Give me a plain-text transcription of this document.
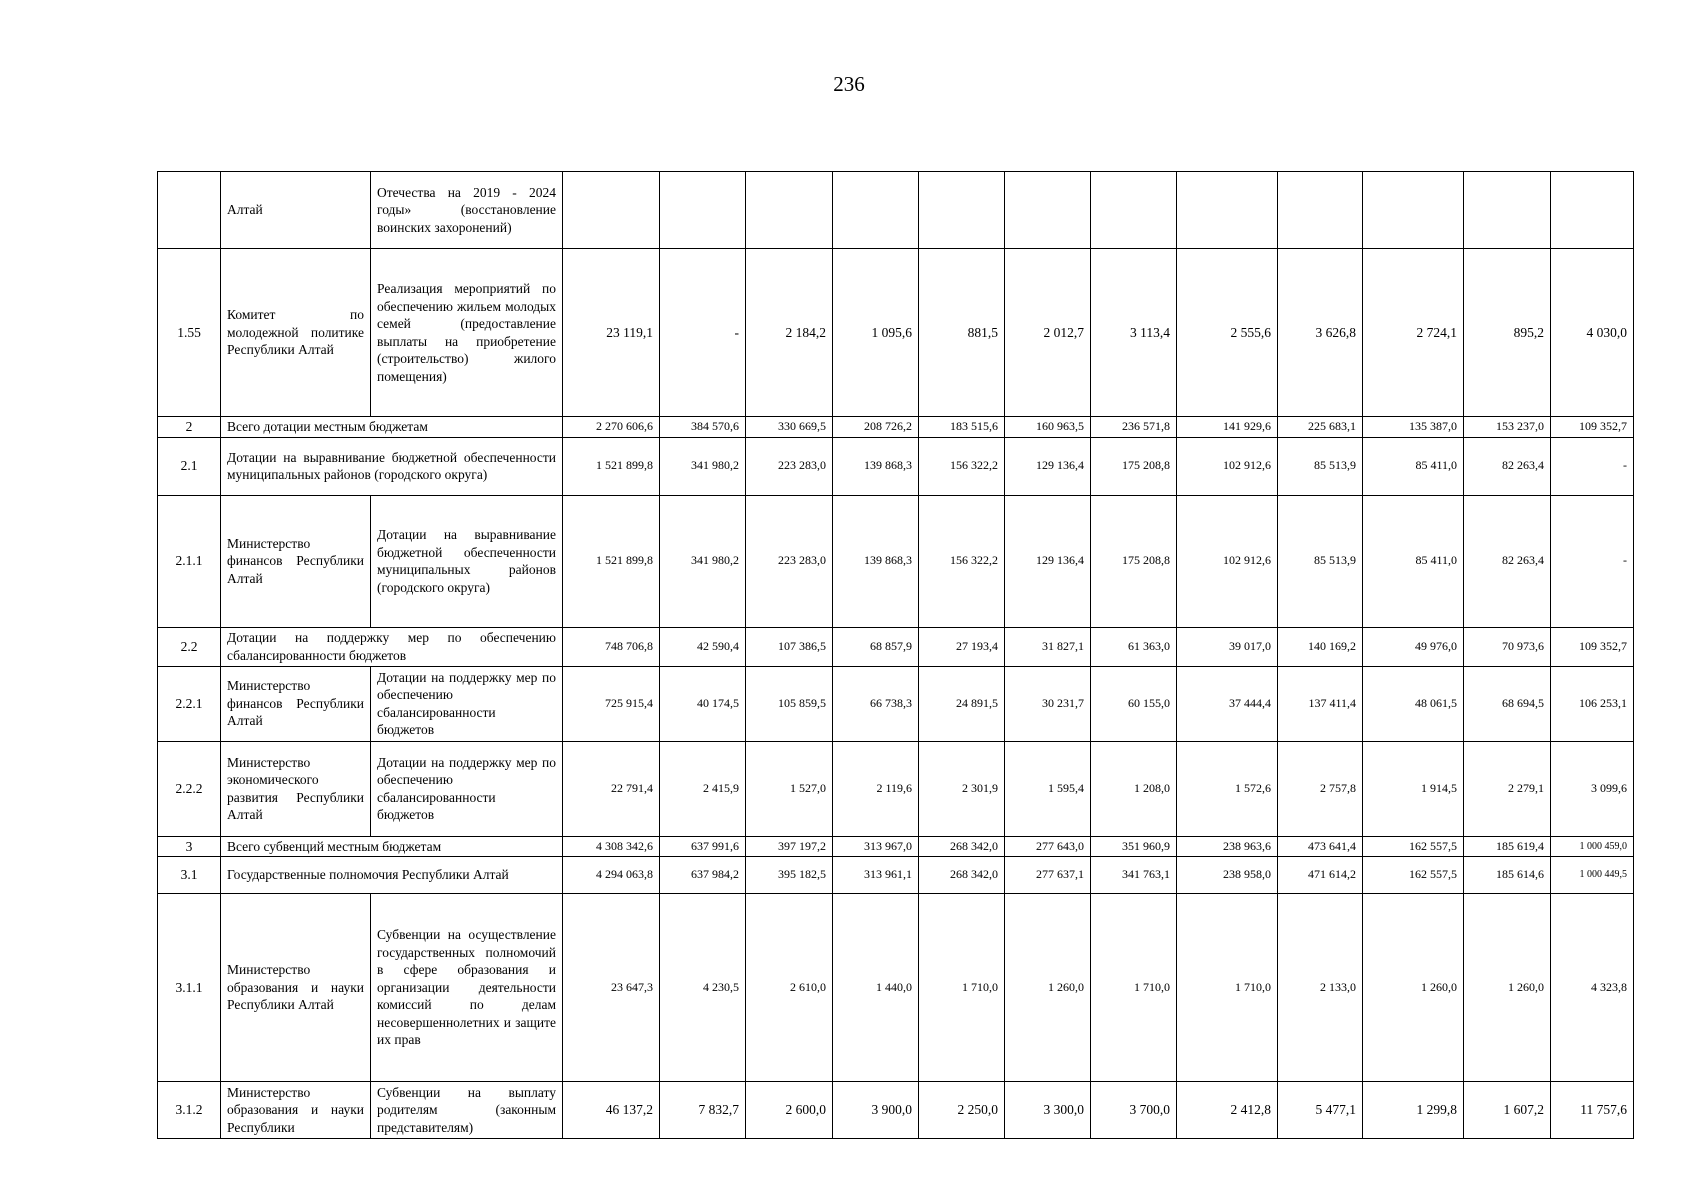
236
	Алтай	Отечества на 2019 - 2024 годы» (восстановление воинских захоронений)												
1.55	Комитет по молодежной политике Республики Алтай	Реализация мероприятий по обеспечению жильем молодых семей (предоставление выплаты на приобретение (строительство) жилого помещения)	23 119,1	-	2 184,2	1 095,6	881,5	2 012,7	3 113,4	2 555,6	3 626,8	2 724,1	895,2	4 030,0
2	Всего дотации местным бюджетам		2 270 606,6	384 570,6	330 669,5	208 726,2	183 515,6	160 963,5	236 571,8	141 929,6	225 683,1	135 387,0	153 237,0	109 352,7
2.1	Дотации на выравнивание бюджетной обеспеченности муниципальных районов (городского округа)		1 521 899,8	341 980,2	223 283,0	139 868,3	156 322,2	129 136,4	175 208,8	102 912,6	85 513,9	85 411,0	82 263,4	-
2.1.1	Министерство финансов Республики Алтай	Дотации на выравнивание бюджетной обеспеченности муниципальных районов (городского округа)	1 521 899,8	341 980,2	223 283,0	139 868,3	156 322,2	129 136,4	175 208,8	102 912,6	85 513,9	85 411,0	82 263,4	-
2.2	Дотации на поддержку мер по обеспечению сбалансированности бюджетов		748 706,8	42 590,4	107 386,5	68 857,9	27 193,4	31 827,1	61 363,0	39 017,0	140 169,2	49 976,0	70 973,6	109 352,7
2.2.1	Министерство финансов Республики Алтай	Дотации на поддержку мер по обеспечению сбалансированности бюджетов	725 915,4	40 174,5	105 859,5	66 738,3	24 891,5	30 231,7	60 155,0	37 444,4	137 411,4	48 061,5	68 694,5	106 253,1
2.2.2	Министерство экономического развития Республики Алтай	Дотации на поддержку мер по обеспечению сбалансированности бюджетов	22 791,4	2 415,9	1 527,0	2 119,6	2 301,9	1 595,4	1 208,0	1 572,6	2 757,8	1 914,5	2 279,1	3 099,6
3	Всего субвенций местным бюджетам		4 308 342,6	637 991,6	397 197,2	313 967,0	268 342,0	277 643,0	351 960,9	238 963,6	473 641,4	162 557,5	185 619,4	1 000 459,0
3.1	Государственные полномочия Республики Алтай		4 294 063,8	637 984,2	395 182,5	313 961,1	268 342,0	277 637,1	341 763,1	238 958,0	471 614,2	162 557,5	185 614,6	1 000 449,5
3.1.1	Министерство образования и науки Республики Алтай	Субвенции на осуществление государственных полномочий в сфере образования и организации деятельности комиссий по делам несовершеннолетних и защите их прав	23 647,3	4 230,5	2 610,0	1 440,0	1 710,0	1 260,0	1 710,0	1 710,0	2 133,0	1 260,0	1 260,0	4 323,8
3.1.2	Министерство образования и науки Республики	Субвенции на выплату родителям (законным представителям)	46 137,2	7 832,7	2 600,0	3 900,0	2 250,0	3 300,0	3 700,0	2 412,8	5 477,1	1 299,8	1 607,2	11 757,6
